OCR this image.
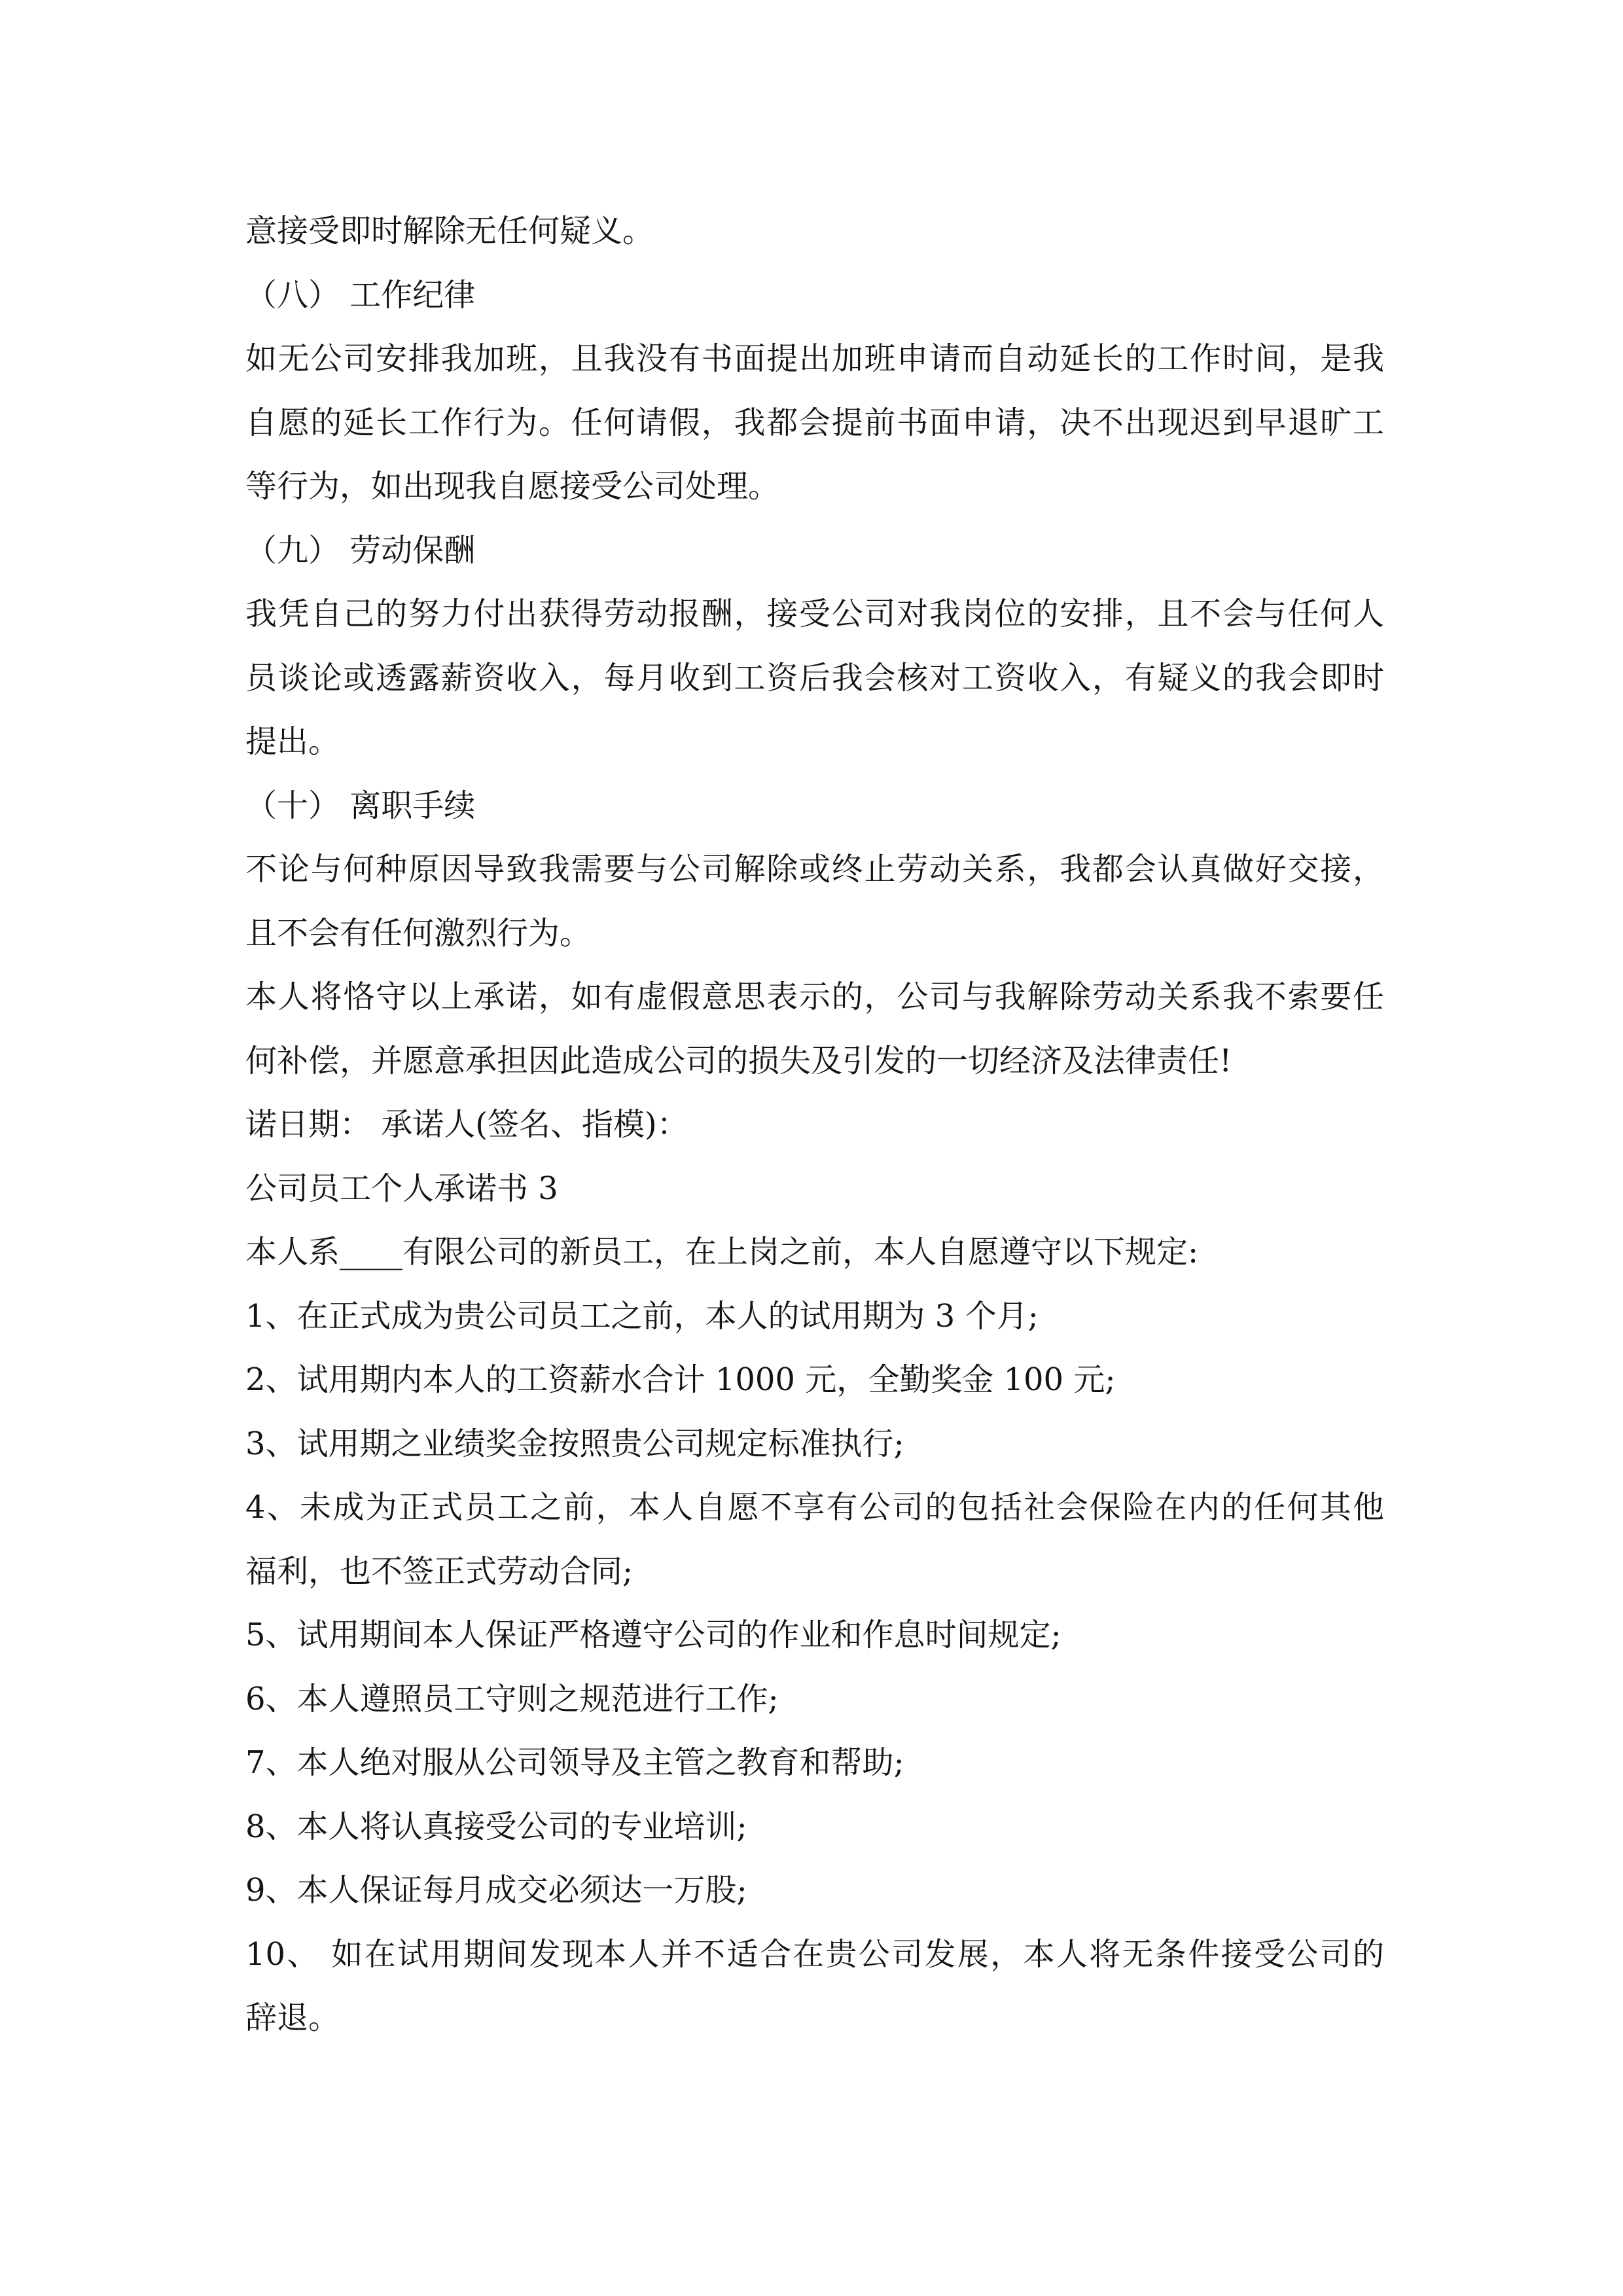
意接受即时解除无任何疑义。
（八） 工作纪律
如无公司安排我加班，且我没有书面提出加班申请而自动延长的工作时间，是我
自愿的延长工作行为。任何请假，我都会提前书面申请，决不出现迟到早退旷工
等行为，如出现我自愿接受公司处理。
（九） 劳动保酬
我凭自己的努力付出获得劳动报酬，接受公司对我岗位的安排，且不会与任何人
员谈论或透露薪资收入，每月收到工资后我会核对工资收入，有疑义的我会即时
提出。
（十） 离职手续
不论与何种原因导致我需要与公司解除或终止劳动关系，我都会认真做好交接，
且不会有任何激烈行为。
本人将恪守以上承诺，如有虚假意思表示的，公司与我解除劳动关系我不索要任
何补偿，并愿意承担因此造成公司的损失及引发的一切经济及法律责任!
诺日期： 承诺人(签名、指模)：
公司员工个人承诺书 3
本人系____有限公司的新员工，在上岗之前，本人自愿遵守以下规定:
1、在正式成为贵公司员工之前，本人的试用期为 3 个月;
2、试用期内本人的工资薪水合计 1000 元，全勤奖金 100 元;
3、试用期之业绩奖金按照贵公司规定标准执行;
4、未成为正式员工之前，本人自愿不享有公司的包括社会保险在内的任何其他
福利，也不签正式劳动合同;
5、试用期间本人保证严格遵守公司的作业和作息时间规定;
6、本人遵照员工守则之规范进行工作;
7、本人绝对服从公司领导及主管之教育和帮助;
8、本人将认真接受公司的专业培训;
9、本人保证每月成交必须达一万股;
10、 如在试用期间发现本人并不适合在贵公司发展，本人将无条件接受公司的
辞退。
